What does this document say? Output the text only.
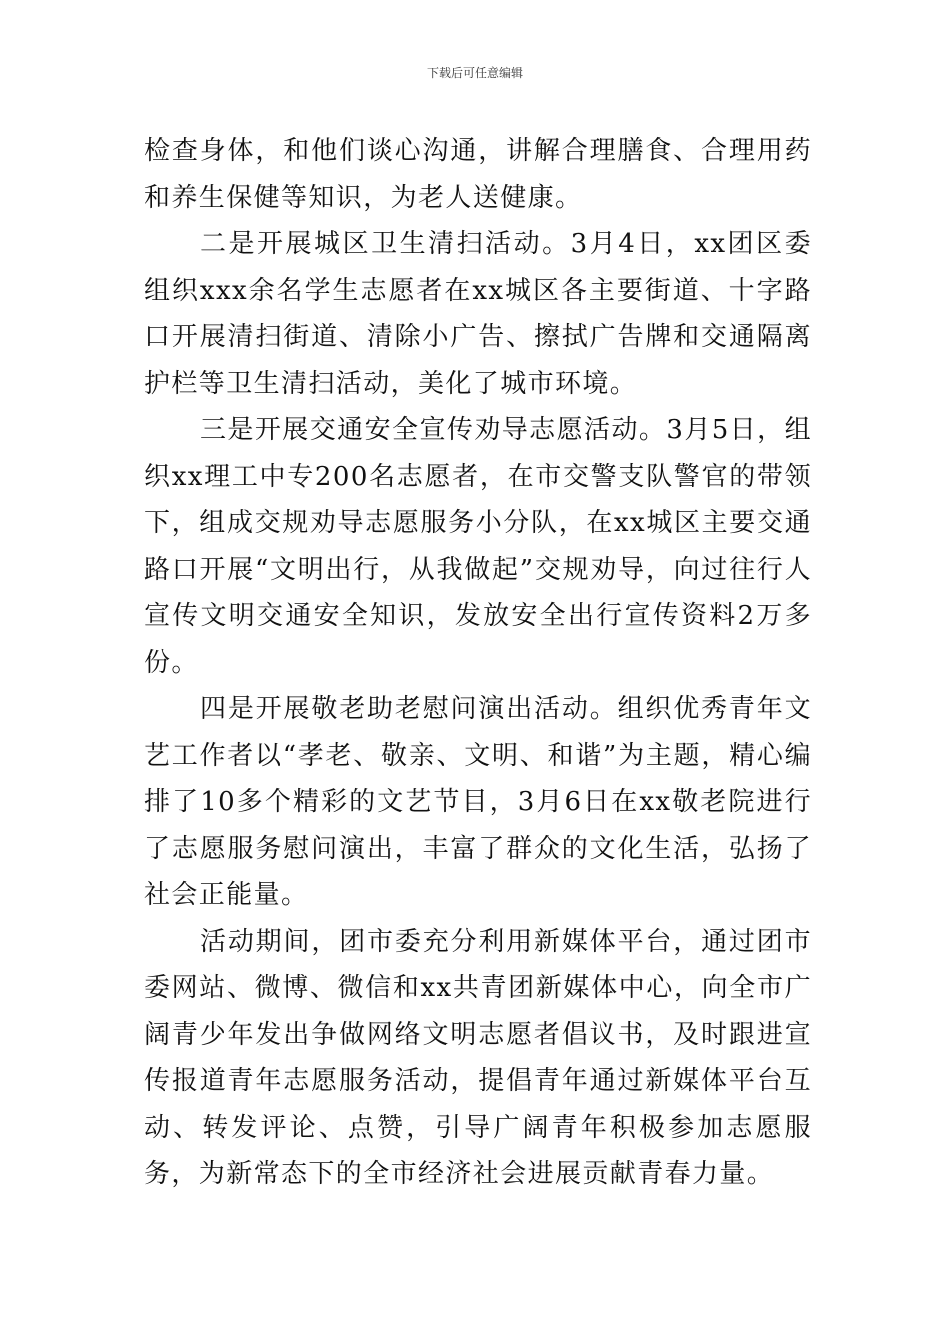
下载后可任意编辑

检查身体，和他们谈心沟通，讲解合理膳食、合理用药和养生保健等知识，为老人送健康。

二是开展城区卫生清扫活动。3月4日，xx团区委组织xxx余名学生志愿者在xx城区各主要街道、十字路口开展清扫街道、清除小广告、擦拭广告牌和交通隔离护栏等卫生清扫活动，美化了城市环境。

三是开展交通安全宣传劝导志愿活动。3月5日，组织xx理工中专200名志愿者，在市交警支队警官的带领下，组成交规劝导志愿服务小分队，在xx城区主要交通路口开展“文明出行，从我做起”交规劝导，向过往行人宣传文明交通安全知识，发放安全出行宣传资料2万多份。

四是开展敬老助老慰问演出活动。组织优秀青年文艺工作者以“孝老、敬亲、文明、和谐”为主题，精心编排了10多个精彩的文艺节目，3月6日在xx敬老院进行了志愿服务慰问演出，丰富了群众的文化生活，弘扬了社会正能量。

活动期间，团市委充分利用新媒体平台，通过团市委网站、微博、微信和xx共青团新媒体中心，向全市广阔青少年发出争做网络文明志愿者倡议书，及时跟进宣传报道青年志愿服务活动，提倡青年通过新媒体平台互动、转发评论、点赞，引导广阔青年积极参加志愿服务，为新常态下的全市经济社会进展贡献青春力量。
